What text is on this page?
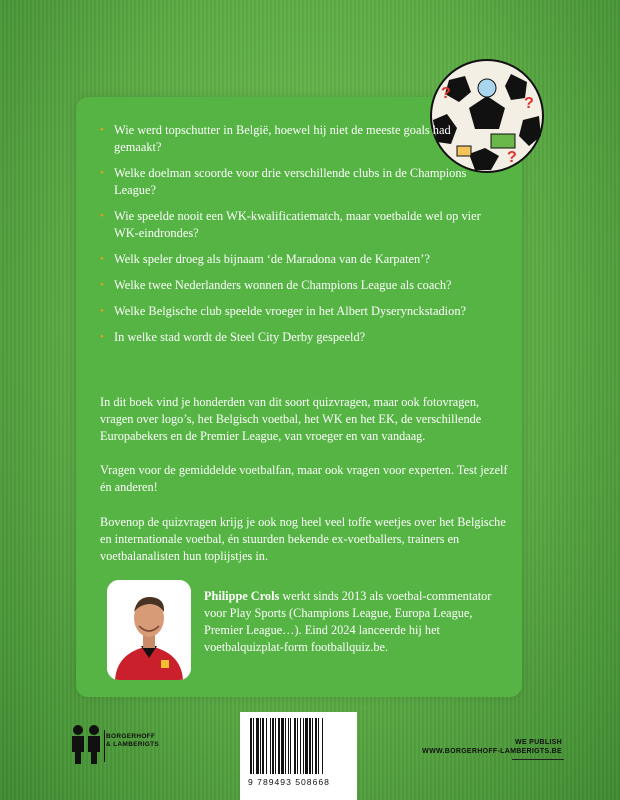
?
?
?
• Wie werd topschutter in België, hoewel hij niet de meeste goals had gemaakt?
• Welke doelman scoorde voor drie verschillende clubs in de Champions League?
• Wie speelde nooit een WK-kwalificatiematch, maar voetbalde wel op vier WK-eindrondes?
• Welk speler droeg als bijnaam ‘de Maradona van de Karpaten’?
• Welke twee Nederlanders wonnen de Champions League als coach?
• Welke Belgische club speelde vroeger in het Albert Dyserynckstadion?
• In welke stad wordt de Steel City Derby gespeeld?

In dit boek vind je honderden van dit soort quizvragen, maar ook fotovragen, vragen over logo’s, het Belgisch voetbal, het WK en het EK, de verschillende Europabekers en de Premier League, van vroeger en van vandaag.

Vragen voor de gemiddelde voetbalfan, maar ook vragen voor experten. Test jezelf én anderen!

Bovenop de quizvragen krijg je ook nog heel veel toffe weetjes over het Belgische en internationale voetbal, én stuurden bekende ex-voetballers, trainers en voetbalanalisten hun toplijstjes in.

Philippe Crols werkt sinds 2013 als voetbal-commentator voor Play Sports (Champions League, Europa League, Premier League…). Eind 2024 lanceerde hij het voetbalquizplat-form footballquiz.be.

BORGERHOFF
& LAMBERIGTS
9 789493 508668
WE PUBLISH
WWW.BORGERHOFF-LAMBERIGTS.BE
